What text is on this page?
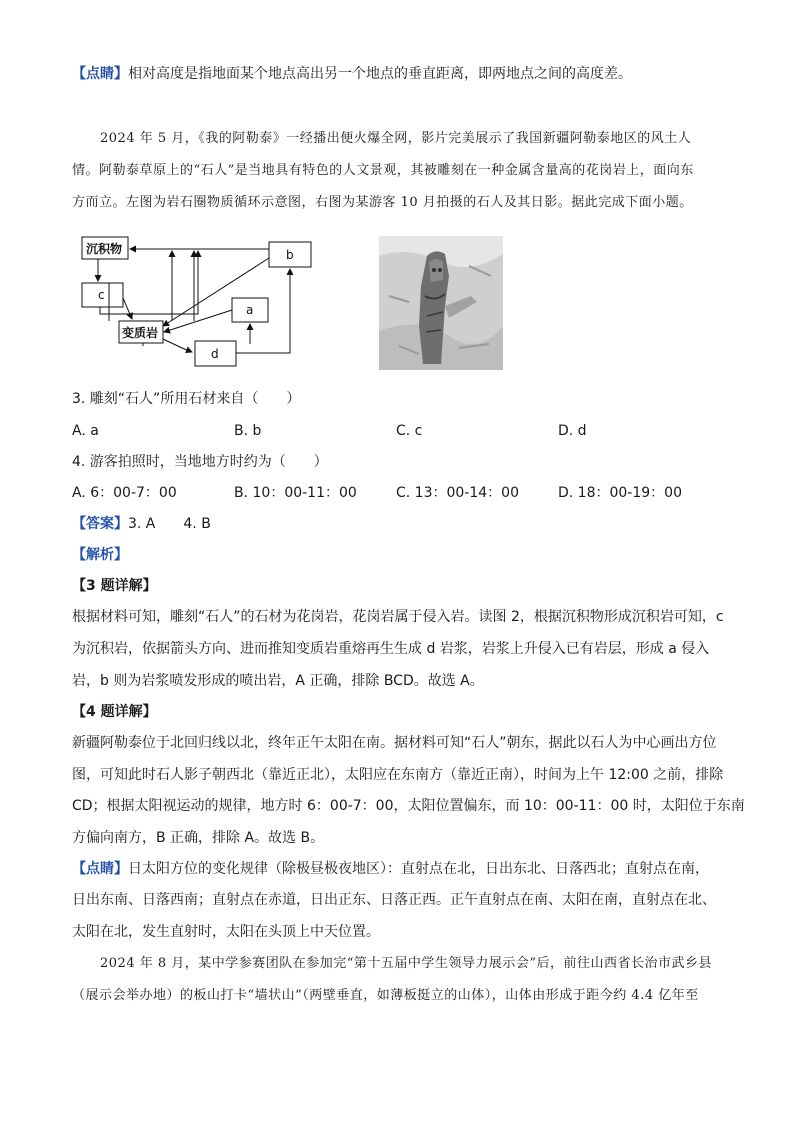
【点睛】相对高度是指地面某个地点高出另一个地点的垂直距离，即两地点之间的高度差。
2024 年 5 月，《我的阿勒泰》一经播出便火爆全网，影片完美展示了我国新疆阿勒泰地区的风土人
情。阿勒泰草原上的“石人”是当地具有特色的人文景观，其被雕刻在一种金属含量高的花岗岩上，面向东
方而立。左图为岩石圈物质循环示意图，右图为某游客 10 月拍摄的石人及其日影。据此完成下面小题。
沉积物	b
c
a
变质岩
d
3. 雕刻“石人”所用石材来自（　　）
A. a	B. b	C. c	D. d
4. 游客拍照时，当地地方时约为（　　）
A. 6：00-7：00	B. 10：00-11：00	C. 13：00-14：00	D. 18：00-19：00
【答案】3. A　　4. B
【解析】
【3 题详解】
根据材料可知，雕刻“石人”的石材为花岗岩，花岗岩属于侵入岩。读图 2，根据沉积物形成沉积岩可知，c
为沉积岩，依据箭头方向、进而推知变质岩重熔再生生成 d 岩浆，岩浆上升侵入已有岩层，形成 a 侵入
岩，b 则为岩浆喷发形成的喷出岩，A 正确，排除 BCD。故选 A。
【4 题详解】
新疆阿勒泰位于北回归线以北，终年正午太阳在南。据材料可知“石人”朝东，据此以石人为中心画出方位
图，可知此时石人影子朝西北（靠近正北），太阳应在东南方（靠近正南），时间为上午 12:00 之前，排除
CD；根据太阳视运动的规律，地方时 6：00-7：00，太阳位置偏东，而 10：00-11：00 时，太阳位于东南
方偏向南方，B 正确，排除 A。故选 B。
【点睛】日太阳方位的变化规律（除极昼极夜地区）：直射点在北，日出东北、日落西北；直射点在南，
日出东南、日落西南；直射点在赤道，日出正东、日落正西。正午直射点在南、太阳在南，直射点在北、
太阳在北，发生直射时，太阳在头顶上中天位置。
2024 年 8 月，某中学参赛团队在参加完“第十五届中学生领导力展示会”后，前往山西省长治市武乡县
（展示会举办地）的板山打卡“墙状山”（两壁垂直，如薄板挺立的山体），山体由形成于距今约 4.4 亿年至
